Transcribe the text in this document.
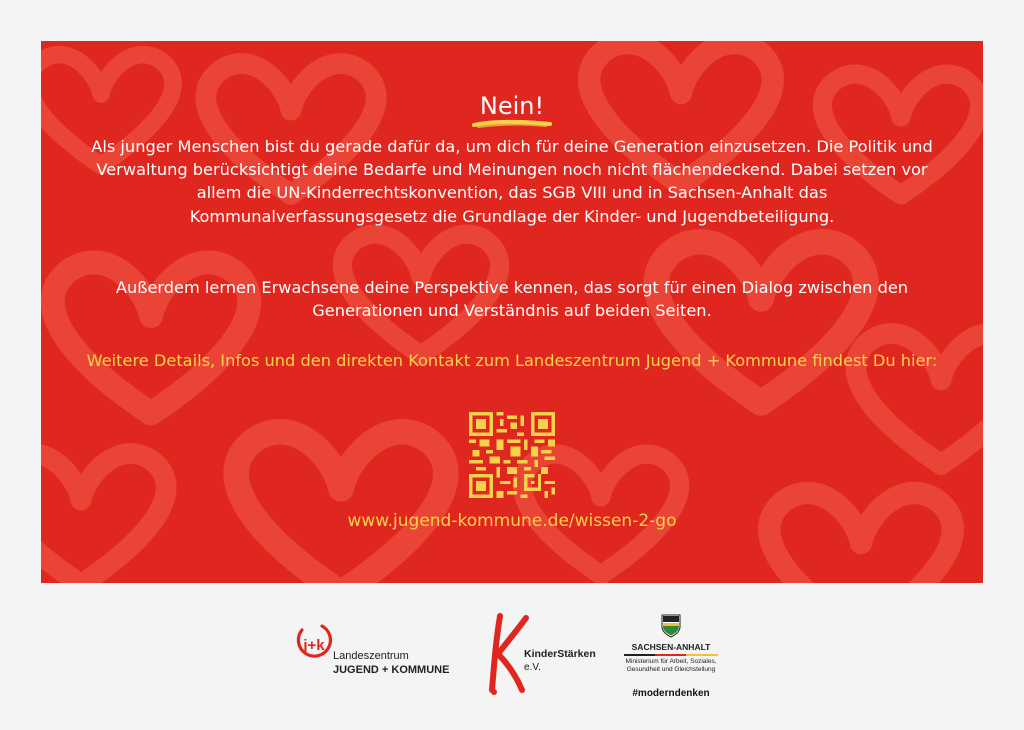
Nein!
Als junger Menschen bist du gerade dafür da, um dich für deine Generation einzusetzen. Die Politik und Verwaltung berücksichtigt deine Bedarfe und Meinungen noch nicht flächendeckend. Dabei setzen vor allem die UN-Kinderrechtskonvention, das SGB VIII und in Sachsen-Anhalt das Kommunalverfassungsgesetz die Grundlage der Kinder- und Jugendbeteiligung.
Außerdem lernen Erwachsene deine Perspektive kennen, das sorgt für einen Dialog zwischen den Generationen und Verständnis auf beiden Seiten.
Weitere Details, Infos und den direkten Kontakt zum Landeszentrum Jugend + Kommune findest Du hier:
www.jugend-kommune.de/wissen-2-go
j+k
Landeszentrum
JUGEND + KOMMUNE
KinderStärken
e.V.
SACHSEN-ANHALT
Ministerium für Arbeit, Soziales, Gesundheit und Gleichstellung
#moderndenken
